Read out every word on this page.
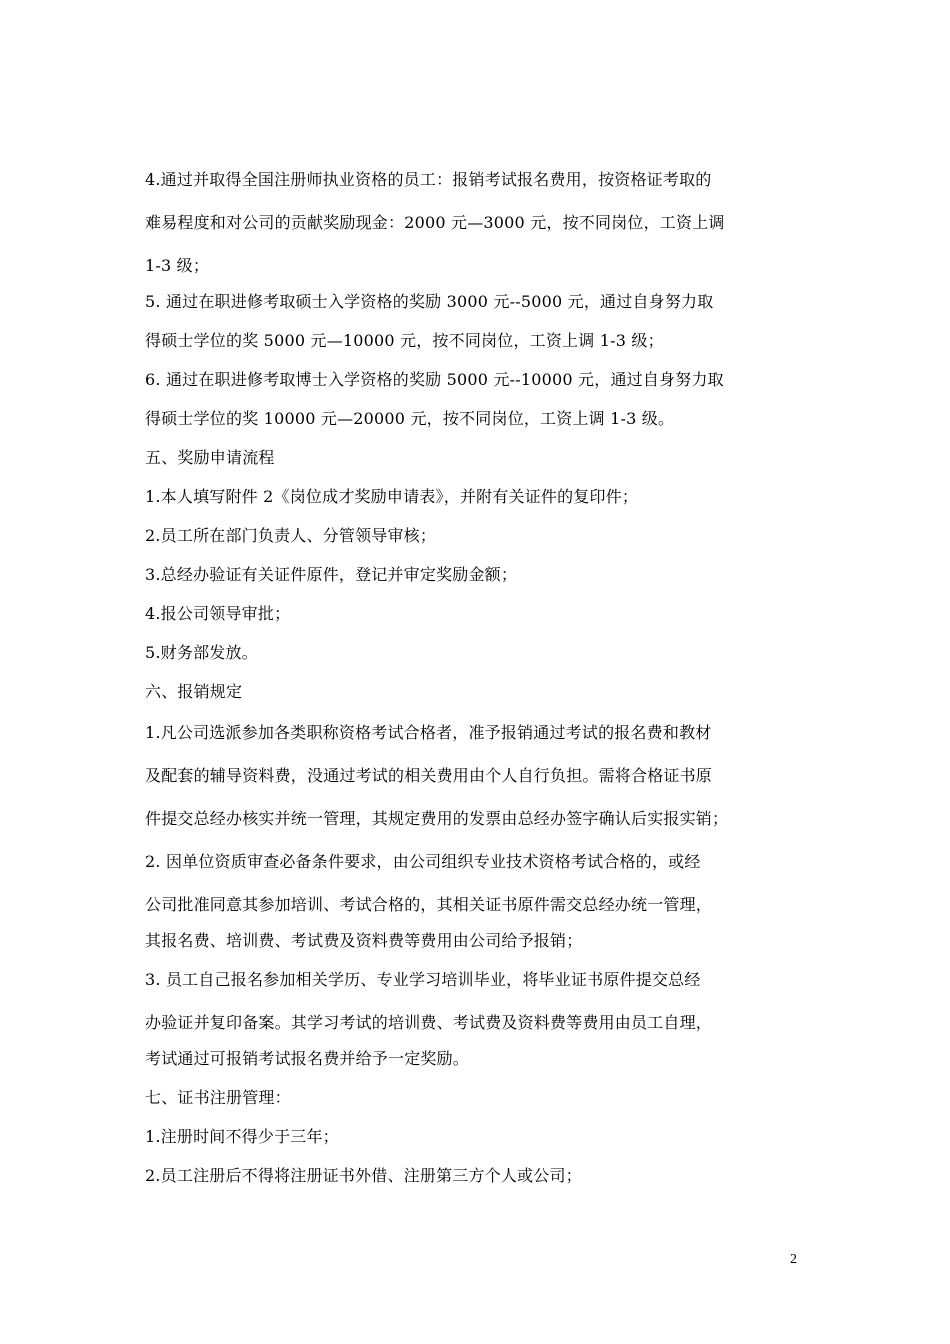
4.通过并取得全国注册师执业资格的员工：报销考试报名费用，按资格证考取的
难易程度和对公司的贡献奖励现金：2000 元—3000 元，按不同岗位，工资上调
1-3 级；
5. 通过在职进修考取硕士入学资格的奖励 3000 元--5000 元，通过自身努力取
得硕士学位的奖 5000 元—10000 元，按不同岗位，工资上调 1-3 级；
6. 通过在职进修考取博士入学资格的奖励 5000 元--10000 元，通过自身努力取
得硕士学位的奖 10000 元—20000 元，按不同岗位，工资上调 1-3 级。
五、奖励申请流程
1.本人填写附件 2《岗位成才奖励申请表》，并附有关证件的复印件；
2.员工所在部门负责人、分管领导审核；
3.总经办验证有关证件原件，登记并审定奖励金额；
4.报公司领导审批；
5.财务部发放。
六、报销规定
1.凡公司选派参加各类职称资格考试合格者，准予报销通过考试的报名费和教材
及配套的辅导资料费，没通过考试的相关费用由个人自行负担。需将合格证书原
件提交总经办核实并统一管理，其规定费用的发票由总经办签字确认后实报实销；
2. 因单位资质审查必备条件要求，由公司组织专业技术资格考试合格的，或经
公司批准同意其参加培训、考试合格的，其相关证书原件需交总经办统一管理，
其报名费、培训费、考试费及资料费等费用由公司给予报销；
3. 员工自己报名参加相关学历、专业学习培训毕业，将毕业证书原件提交总经
办验证并复印备案。其学习考试的培训费、考试费及资料费等费用由员工自理，
考试通过可报销考试报名费并给予一定奖励。
七、证书注册管理：
1.注册时间不得少于三年；
2.员工注册后不得将注册证书外借、注册第三方个人或公司；
2
